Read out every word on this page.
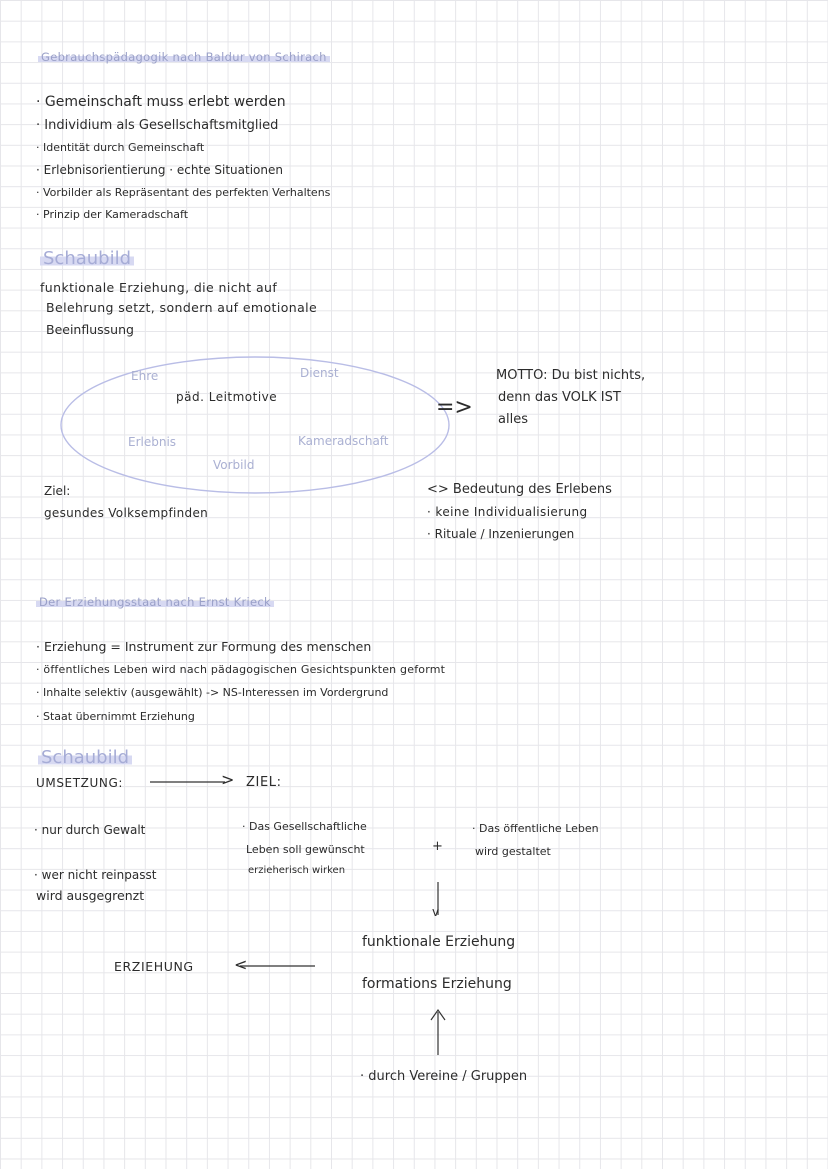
Gebrauchspädagogik nach Baldur von Schirach
· Gemeinschaft muss erlebt werden
· Individium als Gesellschaftsmitglied
· Identität durch Gemeinschaft
· Erlebnisorientierung · echte Situationen
· Vorbilder als Repräsentant des perfekten Verhaltens
· Prinzip der Kameradschaft
Schaubild
funktionale Erziehung, die nicht auf
Belehrung setzt, sondern auf emotionale
Beeinflussung
Ehre	Dienst
päd. Leitmotive
Erlebnis	Kameradschaft
Vorbild
=>
MOTTO: Du bist nichts,
denn das VOLK IST
alles
Ziel:
gesundes Volksempfinden
<> Bedeutung des Erlebens
· keine Individualisierung
· Rituale / Inzenierungen
Der Erziehungsstaat nach Ernst Krieck
· Erziehung = Instrument zur Formung des menschen
· öffentliches Leben wird nach pädagogischen Gesichtspunkten geformt
· Inhalte selektiv (ausgewählt) -> NS-Interessen im Vordergrund
· Staat übernimmt Erziehung
Schaubild
UMSETZUNG:	> ZIEL:
· nur durch Gewalt
· wer nicht reinpasst
wird ausgegrenzt
· Das Gesellschaftliche
Leben soll gewünscht
erzieherisch wirken
+
· Das öffentliche Leben
wird gestaltet
v
funktionale Erziehung
ERZIEHUNG	<
formations Erziehung
· durch Vereine / Gruppen
